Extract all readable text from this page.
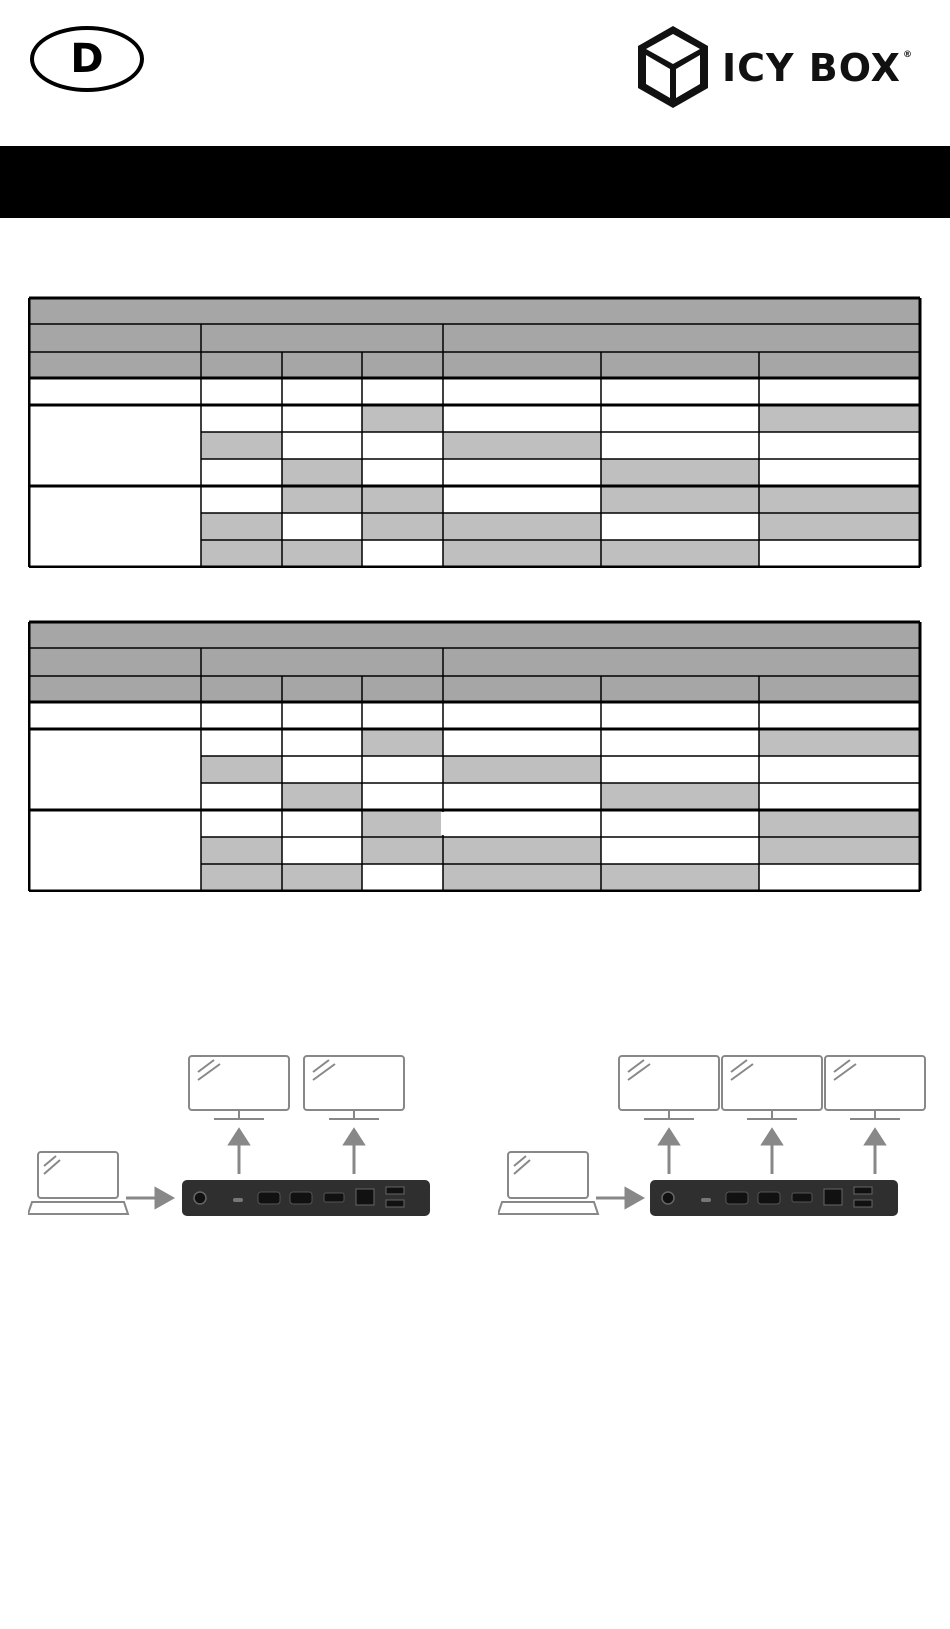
D	ICY BOX ®
